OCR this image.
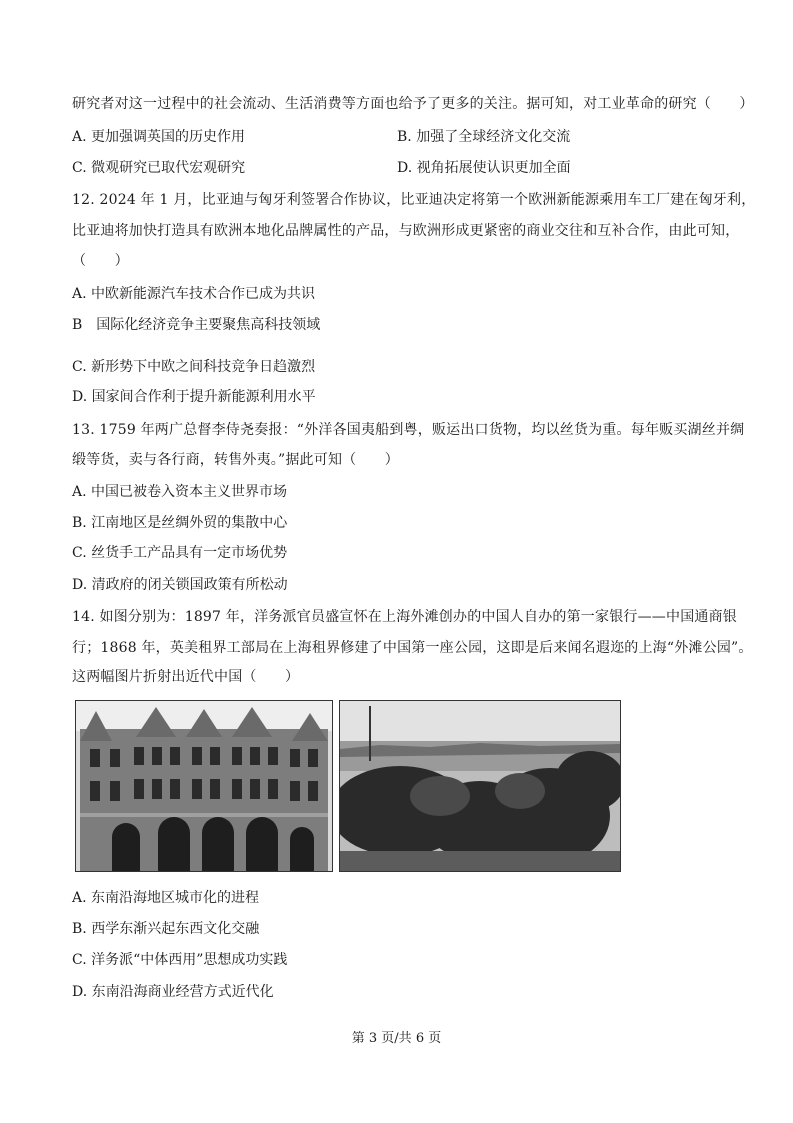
研究者对这一过程中的社会流动、生活消费等方面也给予了更多的关注。据可知，对工业革命的研究（　　）
A. 更加强调英国的历史作用	B. 加强了全球经济文化交流
C. 微观研究已取代宏观研究	D. 视角拓展使认识更加全面
12. 2024 年 1 月，比亚迪与匈牙利签署合作协议，比亚迪决定将第一个欧洲新能源乘用车工厂建在匈牙利，
比亚迪将加快打造具有欧洲本地化品牌属性的产品，与欧洲形成更紧密的商业交往和互补合作，由此可知，
（　　）
A. 中欧新能源汽车技术合作已成为共识
B　国际化经济竞争主要聚焦高科技领域
C. 新形势下中欧之间科技竞争日趋激烈
D. 国家间合作利于提升新能源利用水平
13. 1759 年两广总督李侍尧奏报：“外洋各国夷船到粤，贩运出口货物，均以丝货为重。每年贩买湖丝并绸
缎等货，卖与各行商，转售外夷。”据此可知（　　）
A. 中国已被卷入资本主义世界市场
B. 江南地区是丝绸外贸的集散中心
C. 丝货手工产品具有一定市场优势
D. 清政府的闭关锁国政策有所松动
14. 如图分别为：1897 年，洋务派官员盛宣怀在上海外滩创办的中国人自办的第一家银行——中国通商银
行；1868 年，英美租界工部局在上海租界修建了中国第一座公园，这即是后来闻名遐迩的上海“外滩公园”。
这两幅图片折射出近代中国（　　）
A. 东南沿海地区城市化的进程
B. 西学东渐兴起东西文化交融
C. 洋务派“中体西用”思想成功实践
D. 东南沿海商业经营方式近代化
第 3 页/共 6 页
